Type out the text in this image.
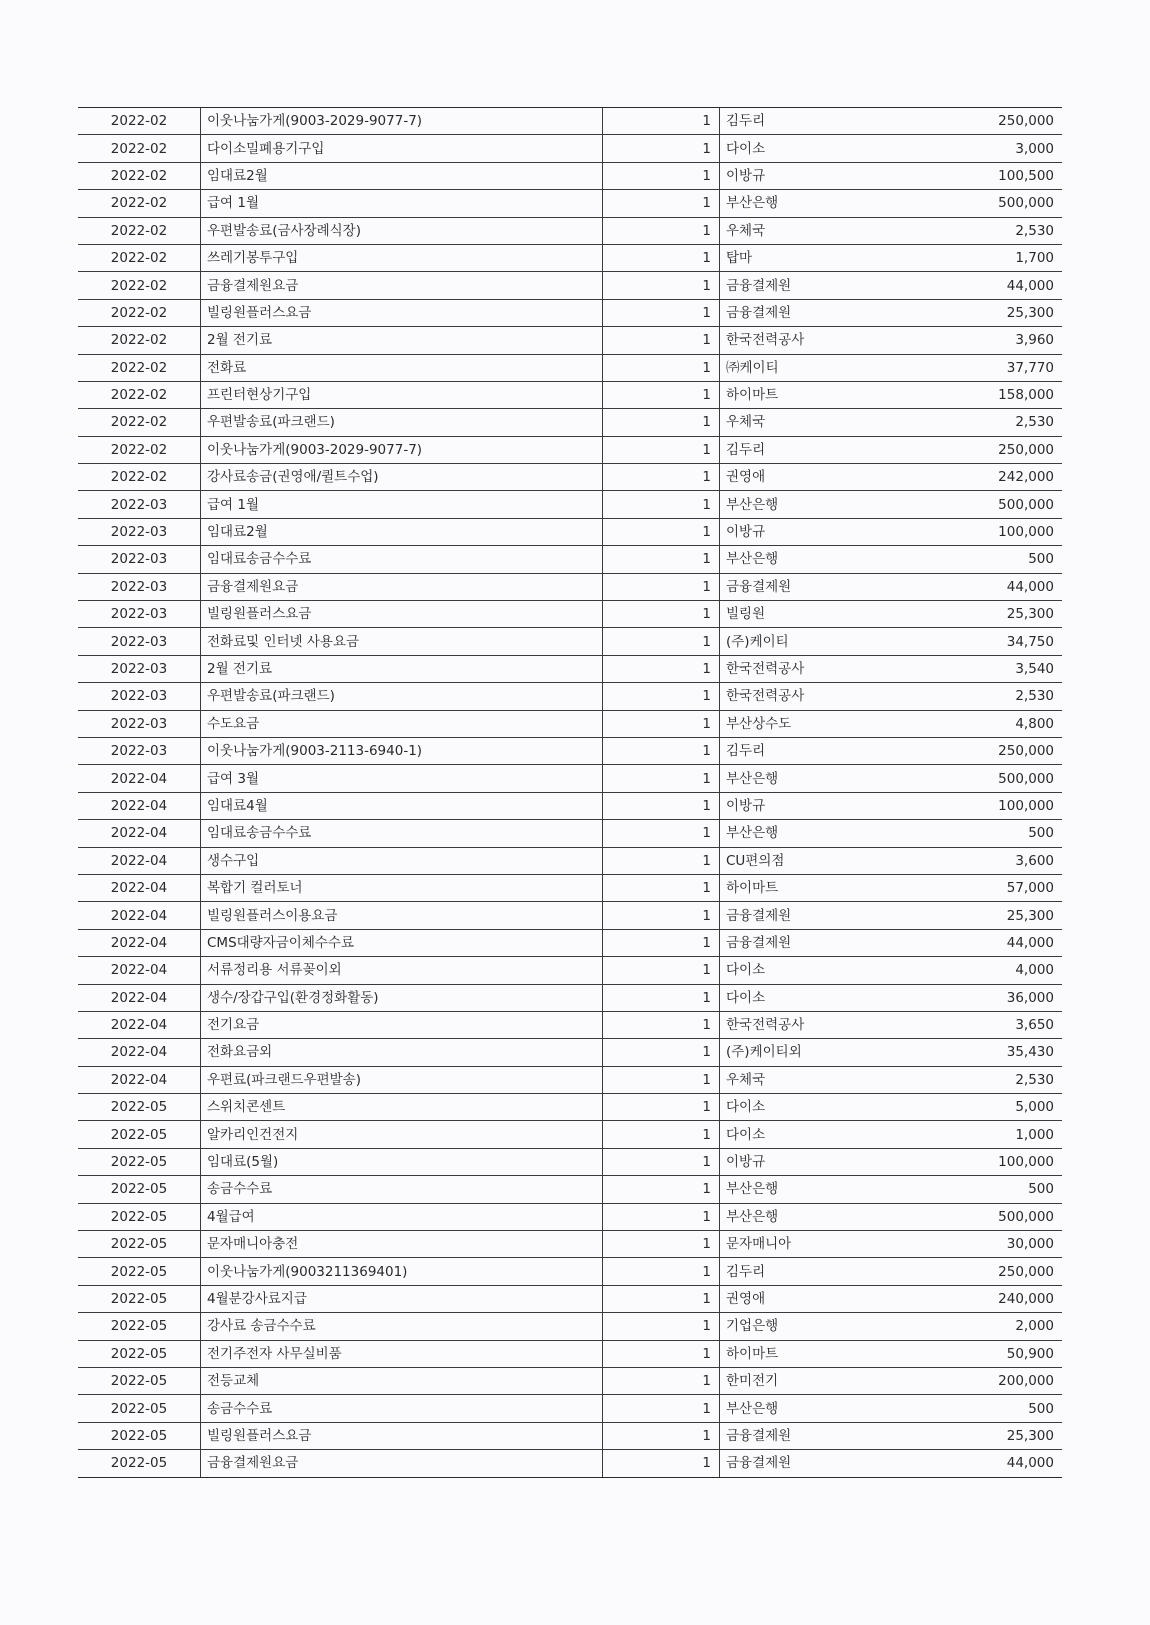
2022-02	이웃나눔가게(9003-2029-9077-7)	1	김두리	250,000
2022-02	다이소밀폐용기구입	1	다이소	3,000
2022-02	임대료2월	1	이방규	100,500
2022-02	급여 1월	1	부산은행	500,000
2022-02	우편발송료(금사장례식장)	1	우체국	2,530
2022-02	쓰레기봉투구입	1	탑마	1,700
2022-02	금융결제원요금	1	금융결제원	44,000
2022-02	빌링원플러스요금	1	금융결제원	25,300
2022-02	2월 전기료	1	한국전력공사	3,960
2022-02	전화료	1	㈜케이티	37,770
2022-02	프린터현상기구입	1	하이마트	158,000
2022-02	우편발송료(파크랜드)	1	우체국	2,530
2022-02	이웃나눔가게(9003-2029-9077-7)	1	김두리	250,000
2022-02	강사료송금(권영애/퀼트수업)	1	권영애	242,000
2022-03	급여 1월	1	부산은행	500,000
2022-03	임대료2월	1	이방규	100,000
2022-03	임대료송금수수료	1	부산은행	500
2022-03	금융결제원요금	1	금융결제원	44,000
2022-03	빌링원플러스요금	1	빌링원	25,300
2022-03	전화료및 인터넷 사용요금	1	(주)케이티	34,750
2022-03	2월 전기료	1	한국전력공사	3,540
2022-03	우편발송료(파크랜드)	1	한국전력공사	2,530
2022-03	수도요금	1	부산상수도	4,800
2022-03	이웃나눔가게(9003-2113-6940-1)	1	김두리	250,000
2022-04	급여 3월	1	부산은행	500,000
2022-04	임대료4월	1	이방규	100,000
2022-04	임대료송금수수료	1	부산은행	500
2022-04	생수구입	1	CU편의점	3,600
2022-04	복합기 컬러토너	1	하이마트	57,000
2022-04	빌링원플러스이용요금	1	금융결제원	25,300
2022-04	CMS대량자금이체수수료	1	금융결제원	44,000
2022-04	서류정리용 서류꽂이외	1	다이소	4,000
2022-04	생수/장갑구입(환경정화활동)	1	다이소	36,000
2022-04	전기요금	1	한국전력공사	3,650
2022-04	전화요금외	1	(주)케이티외	35,430
2022-04	우편료(파크랜드우편발송)	1	우체국	2,530
2022-05	스위치콘센트	1	다이소	5,000
2022-05	알카리인건전지	1	다이소	1,000
2022-05	임대료(5월)	1	이방규	100,000
2022-05	송금수수료	1	부산은행	500
2022-05	4월급여	1	부산은행	500,000
2022-05	문자매니아충전	1	문자매니아	30,000
2022-05	이웃나눔가게(9003211369401)	1	김두리	250,000
2022-05	4월분강사료지급	1	권영애	240,000
2022-05	강사료 송금수수료	1	기업은행	2,000
2022-05	전기주전자 사무실비품	1	하이마트	50,900
2022-05	전등교체	1	한미전기	200,000
2022-05	송금수수료	1	부산은행	500
2022-05	빌링원플러스요금	1	금융결제원	25,300
2022-05	금융결제원요금	1	금융결제원	44,000
